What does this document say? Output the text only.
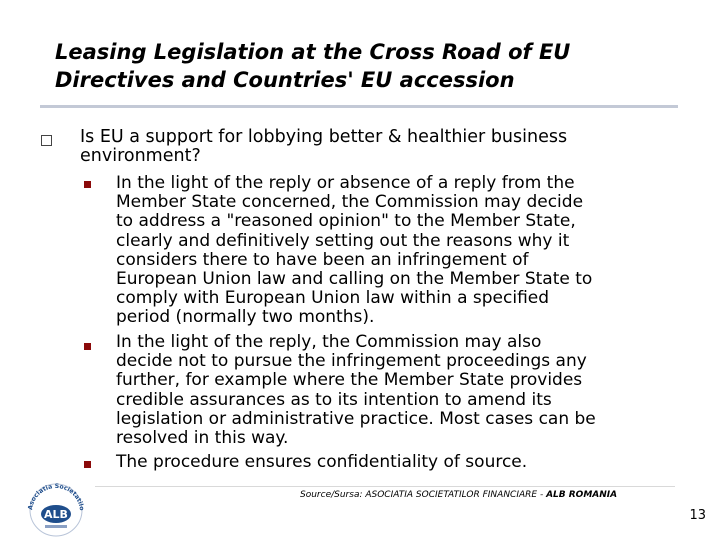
Leasing Legislation at the Cross Road of EU
Directives and Countries' EU accession
Is EU a support for lobbying better & healthier business
environment?
In the light of the reply or absence of a reply from the
Member State concerned, the Commission may decide
to address a "reasoned opinion" to the Member State,
clearly and definitively setting out the reasons why it
considers there to have been an infringement of
European Union law and calling on the Member State to
comply with European Union law within a specified
period (normally two months).
In the light of the reply, the Commission may also
decide not to pursue the infringement proceedings any
further, for example where the Member State provides
credible assurances as to its intention to amend its
legislation or administrative practice. Most cases can be
resolved in this way.
The procedure ensures confidentiality of source.
Asociatia Societatilo
ALB
Source/Sursa: ASOCIATIA SOCIETATILOR FINANCIARE - ALB ROMANIA
13
